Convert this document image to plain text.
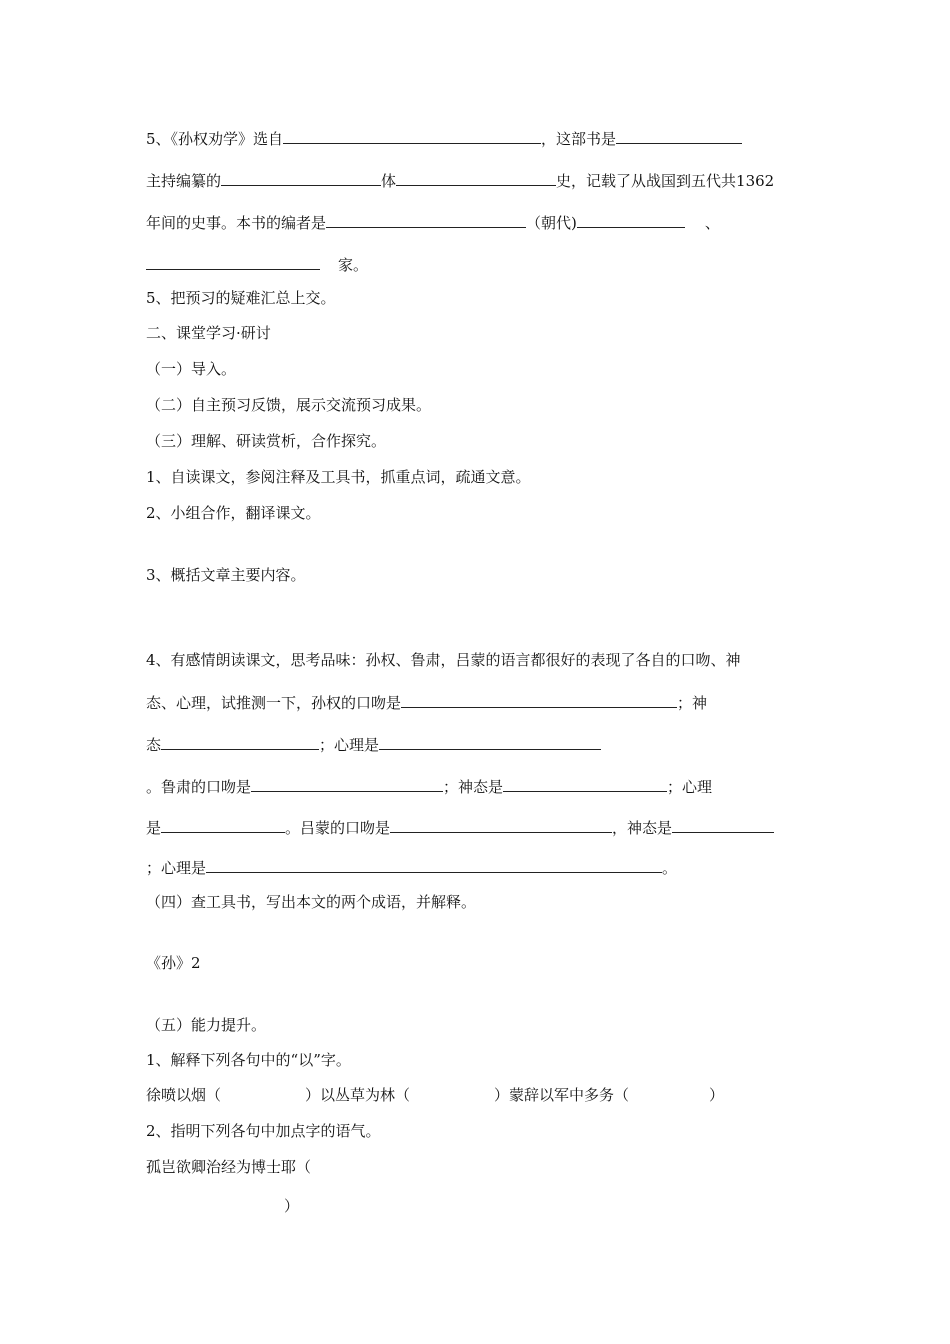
5、《孙权劝学》选自	，这部书是
主持编纂的	体	史，记载了从战国到五代共1362
年间的史事。本书的编者是	（朝代)	、
家。
5、把预习的疑难汇总上交。
二、课堂学习·研讨
（一）导入。
（二）自主预习反馈，展示交流预习成果。
（三）理解、研读赏析，合作探究。
1、自读课文，参阅注释及工具书，抓重点词，疏通文意。
2、小组合作，翻译课文。
3、概括文章主要内容。
4、有感情朗读课文，思考品味：孙权、鲁肃，吕蒙的语言都很好的表现了各自的口吻、神
态、心理，试推测一下，孙权的口吻是	；神
态	；心理是
。鲁肃的口吻是	；神态是	；心理
是	。吕蒙的口吻是	，神态是
；心理是	。
（四）查工具书，写出本文的两个成语，并解释。
《孙》2
（五）能力提升。
1、解释下列各句中的“以”字。
徐喷以烟（	）以丛草为林（	）蒙辞以军中多务（	）
2、指明下列各句中加点字的语气。
孤岂欲卿治经为博士耶（
）
